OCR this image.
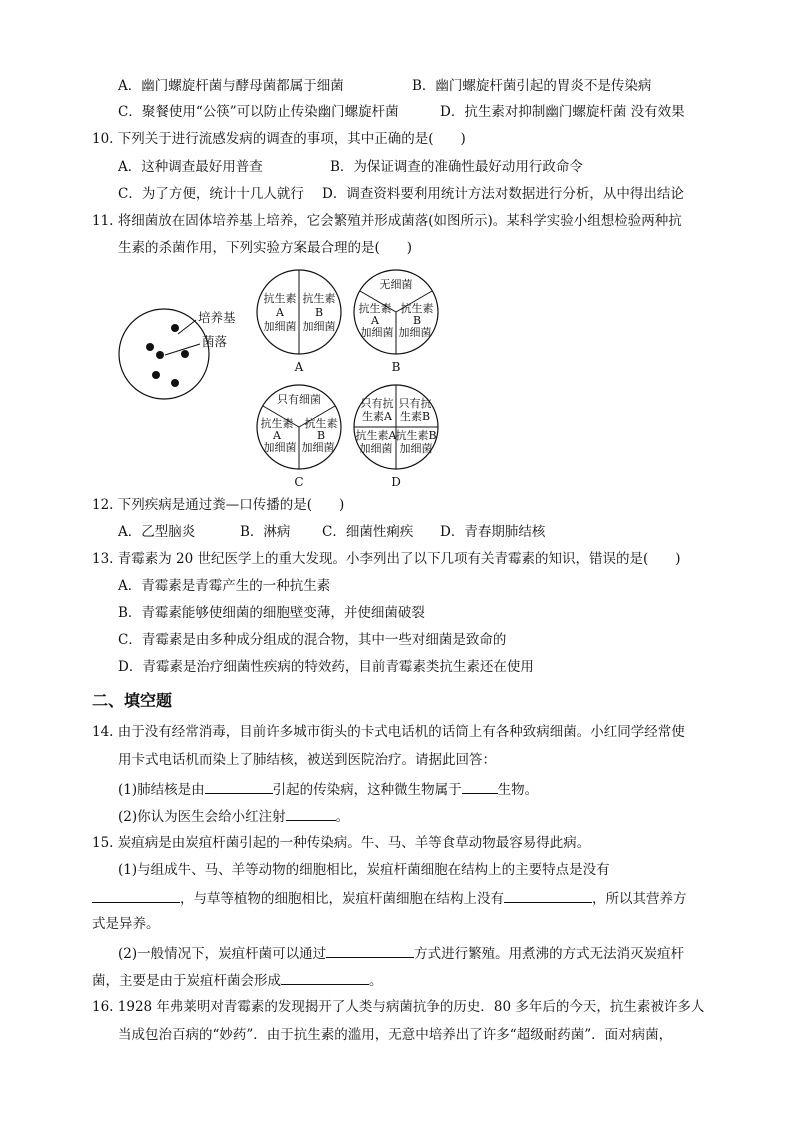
A．幽门螺旋杆菌与酵母菌都属于细菌	B．幽门螺旋杆菌引起的胃炎不是传染病
C．聚餐使用“公筷”可以防止传染幽门螺旋杆菌	D．抗生素对抑制幽门螺旋杆菌 没有效果
10. 下列关于进行流感发病的调查的事项，其中正确的是(　　)
A．这种调查最好用普查	B．为保证调查的准确性最好动用行政命令
C．为了方便，统计十几人就行 D．调查资料要利用统计方法对数据进行分析，从中得出结论
11. 将细菌放在固体培养基上培养，它会繁殖并形成菌落(如图所示)。某科学实验小组想检验两种抗
生素的杀菌作用，下列实验方案最合理的是(　　)
培养基
菌落
抗生素
A
加细菌
抗生素
B
加细菌
A
无细菌
抗生素
A
加细菌
抗生素
B
加细菌
B
只有细菌
抗生素
A
加细菌
抗生素
B
加细菌
C
只有抗
生素A
只有抗
生素B
抗生素A
加细菌
抗生素B
加细菌
D
12. 下列疾病是通过粪—口传播的是(　　)
A．乙型脑炎	B．淋病 C．细菌性痢疾 D．青春期肺结核
13. 青霉素为 20 世纪医学上的重大发现。小李列出了以下几项有关青霉素的知识，错误的是(　　)
A．青霉素是青霉产生的一种抗生素
B．青霉素能够使细菌的细胞壁变薄，并使细菌破裂
C．青霉素是由多种成分组成的混合物，其中一些对细菌是致命的
D．青霉素是治疗细菌性疾病的特效药，目前青霉素类抗生素还在使用
二、填空题
14. 由于没有经常消毒，目前许多城市街头的卡式电话机的话筒上有各种致病细菌。小红同学经常使
用卡式电话机而染上了肺结核，被送到医院治疗。请据此回答：
(1)肺结核是由	引起的传染病，这种微生物属于	生物。
(2)你认为医生会给小红注射	。
15. 炭疽病是由炭疽杆菌引起的一种传染病。牛、马、羊等食草动物最容易得此病。
(1)与组成牛、马、羊等动物的细胞相比，炭疽杆菌细胞在结构上的主要特点是没有
，与草等植物的细胞相比，炭疽杆菌细胞在结构上没有	，所以其营养方
式是异养。
(2)一般情况下，炭疽杆菌可以通过	方式进行繁殖。用煮沸的方式无法消灭炭疽杆
菌，主要是由于炭疽杆菌会形成	。
16. 1928 年弗莱明对青霉素的发现揭开了人类与病菌抗争的历史．80 多年后的今天，抗生素被许多人
当成包治百病的“妙药”．由于抗生素的滥用，无意中培养出了许多“超级耐药菌”．面对病菌，
